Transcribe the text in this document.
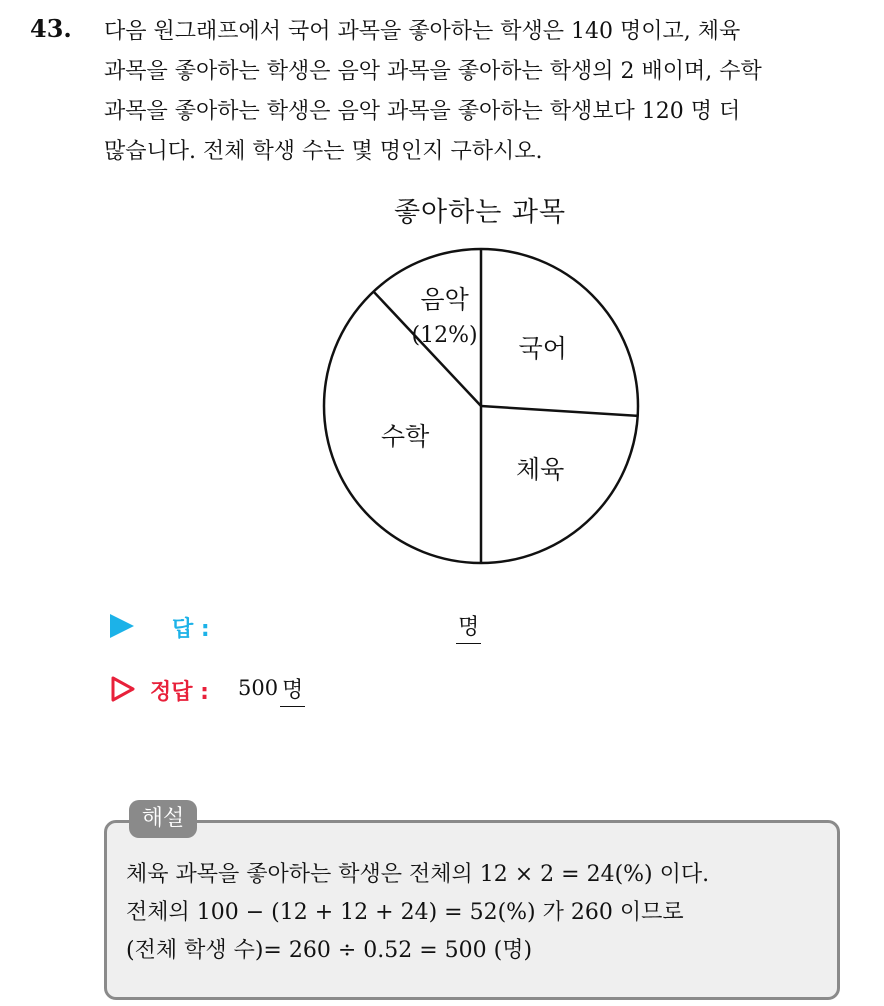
43. 다음 원그래프에서 국어 과목을 좋아하는 학생은 140 명이고, 체육
과목을 좋아하는 학생은 음악 과목을 좋아하는 학생의 2 배이며, 수학
과목을 좋아하는 학생은 음악 과목을 좋아하는 학생보다 120 명 더
많습니다. 전체 학생 수는 몇 명인지 구하시오.
좋아하는 과목
국어
체육
수학
음악
(12%)
답 :	명
정답 : 500 명
해설
체육 과목을 좋아하는 학생은 전체의 12 × 2 = 24(%) 이다.
전체의 100 − (12 + 12 + 24) = 52(%) 가 260 이므로
(전체 학생 수)= 260 ÷ 0.52 = 500 (명)
